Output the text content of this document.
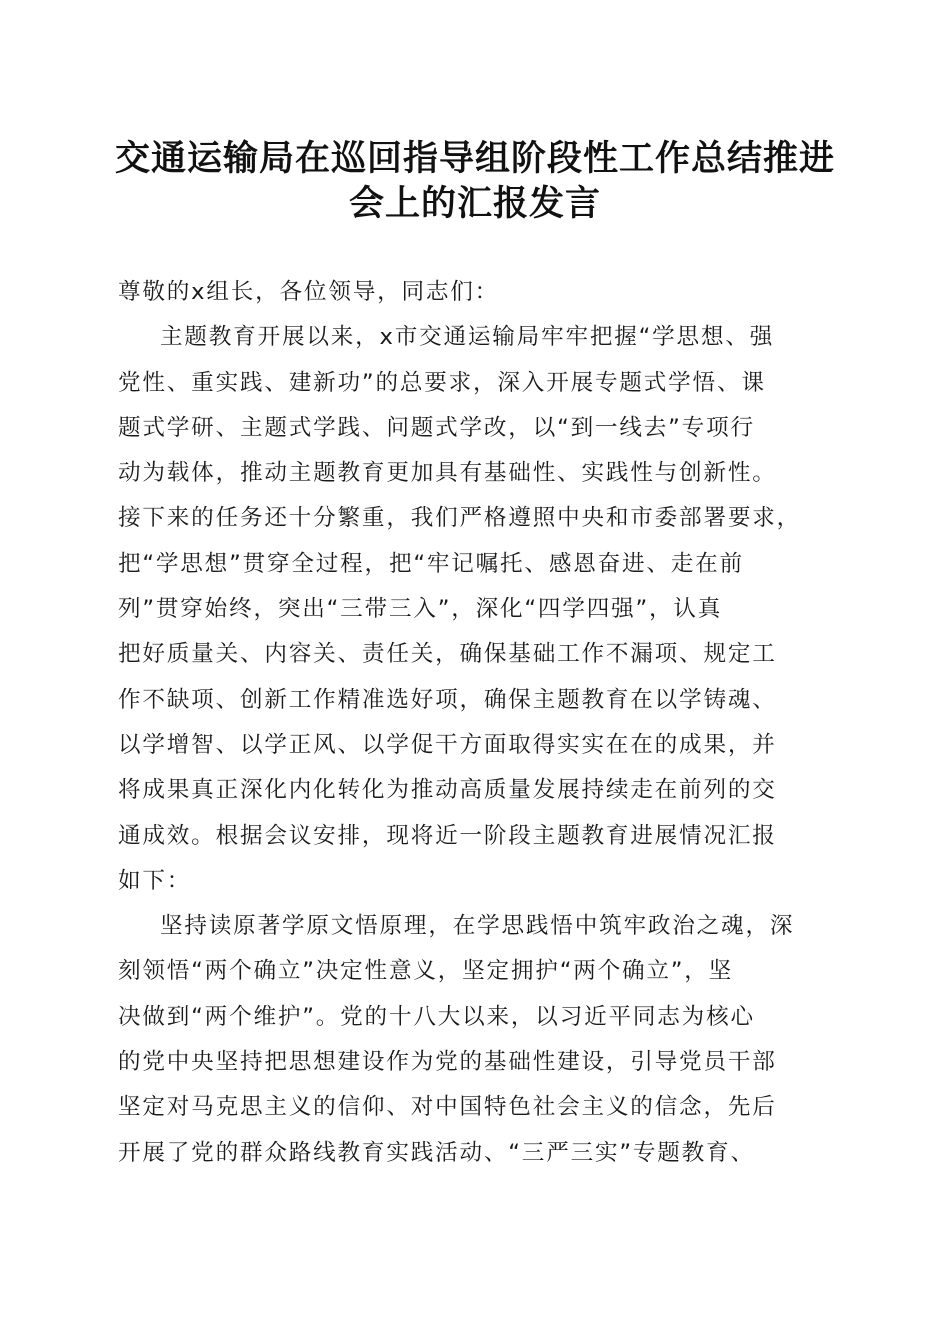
交通运输局在巡回指导组阶段性工作总结推进
会上的汇报发言
尊敬的x组长，各位领导，同志们：
主题教育开展以来，x市交通运输局牢牢把握“学思想、强
党性、重实践、建新功”的总要求，深入开展专题式学悟、课
题式学研、主题式学践、问题式学改，以“到一线去”专项行
动为载体，推动主题教育更加具有基础性、实践性与创新性。
接下来的任务还十分繁重，我们严格遵照中央和市委部署要求，
把“学思想”贯穿全过程，把“牢记嘱托、感恩奋进、走在前
列”贯穿始终，突出“三带三入”，深化“四学四强”，认真
把好质量关、内容关、责任关，确保基础工作不漏项、规定工
作不缺项、创新工作精准选好项，确保主题教育在以学铸魂、
以学增智、以学正风、以学促干方面取得实实在在的成果，并
将成果真正深化内化转化为推动高质量发展持续走在前列的交
通成效。根据会议安排，现将近一阶段主题教育进展情况汇报
如下：
坚持读原著学原文悟原理，在学思践悟中筑牢政治之魂，深
刻领悟“两个确立”决定性意义，坚定拥护“两个确立”，坚
决做到“两个维护”。党的十八大以来，以习近平同志为核心
的党中央坚持把思想建设作为党的基础性建设，引导党员干部
坚定对马克思主义的信仰、对中国特色社会主义的信念，先后
开展了党的群众路线教育实践活动、“三严三实”专题教育、
